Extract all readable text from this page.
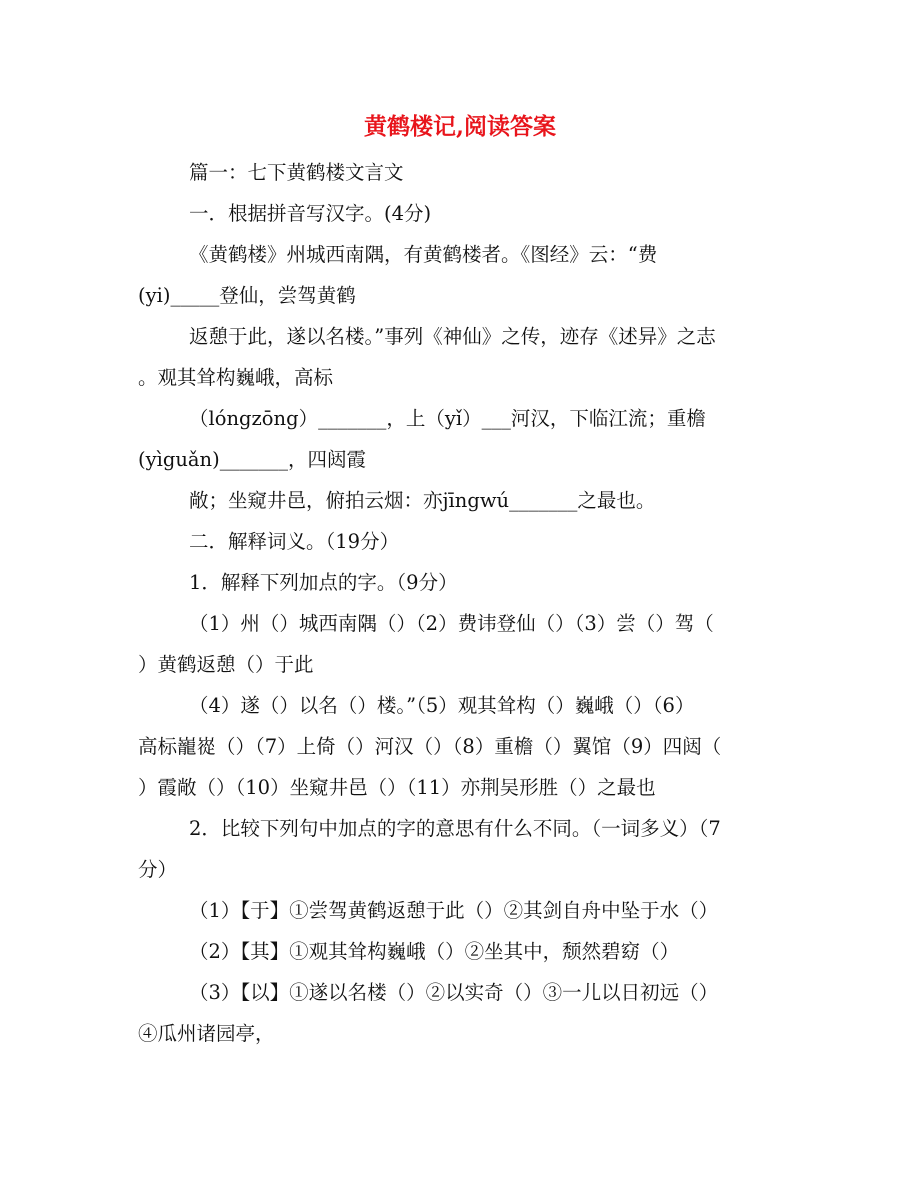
黄鹤楼记,阅读答案
篇一：七下黄鹤楼文言文
一．根据拼音写汉字。(4分)
《黄鹤楼》州城西南隅，有黄鹤楼者。《图经》云：“费
(yi)_____登仙，尝驾黄鹤
返憩于此，遂以名楼。”事列《神仙》之传，迹存《述异》之志
。观其耸构巍峨，高标
（lóngzōng）_______，上（yǐ）___河汉，下临江流；重檐
(yìguǎn)_______，四闼霞
敞；坐窥井邑，俯拍云烟：亦jīngwú_______之最也。
二．解释词义。（19分）
1．解释下列加点的字。（9分）
（1）州（）城西南隅（）（2）费讳登仙（）（3）尝（）驾（
）黄鹤返憩（）于此
（4）遂（）以名（）楼。”（5）观其耸构（）巍峨（）（6）
高标巃嵸（）（7）上倚（）河汉（）（8）重檐（）翼馆（9）四闼（
）霞敞（）（10）坐窥井邑（）（11）亦荆吴形胜（）之最也
2．比较下列句中加点的字的意思有什么不同。（一词多义）（7
分）
（1）【于】①尝驾黄鹤返憩于此（）②其剑自舟中坠于水（）
（2）【其】①观其耸构巍峨（）②坐其中，颓然碧窈（）
（3）【以】①遂以名楼（）②以实奇（）③一儿以日初远（）
④瓜州诸园亭，
